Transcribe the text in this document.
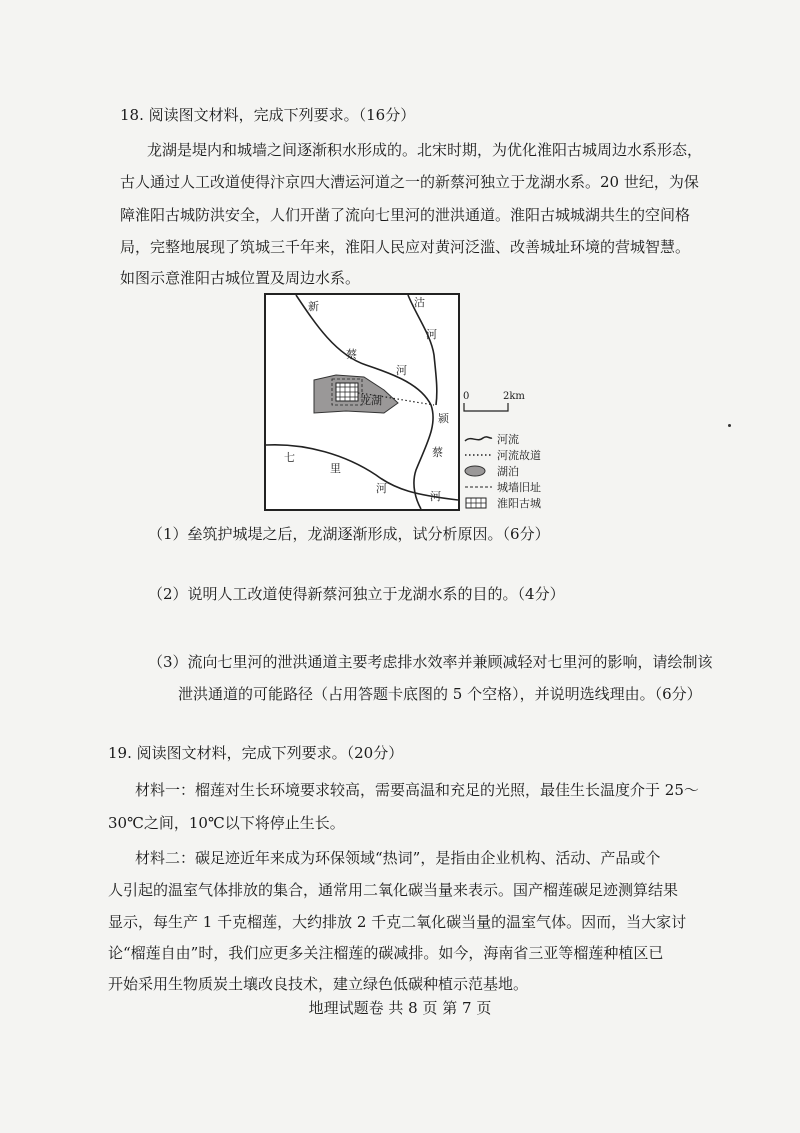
18. 阅读图文材料，完成下列要求。（16分）
龙湖是堤内和城墙之间逐渐积水形成的。北宋时期，为优化淮阳古城周边水系形态，
古人通过人工改道使得汴京四大漕运河道之一的新蔡河独立于龙湖水系。20 世纪，为保
障淮阳古城防洪安全，人们开凿了流向七里河的泄洪通道。淮阳古城城湖共生的空间格
局，完整地展现了筑城三千年来，淮阳人民应对黄河泛滥、改善城址环境的营城智慧。
如图示意淮阳古城位置及周边水系。
新	沽
河
蔡
河
龙湖
颍
蔡
七
里
河
河
0	2km
河流
河流故道
湖泊
城墙旧址
淮阳古城
（1）垒筑护城堤之后，龙湖逐渐形成，试分析原因。（6分）
（2）说明人工改道使得新蔡河独立于龙湖水系的目的。（4分）
（3）流向七里河的泄洪通道主要考虑排水效率并兼顾减轻对七里河的影响，请绘制该
泄洪通道的可能路径（占用答题卡底图的 5 个空格），并说明选线理由。（6分）
19. 阅读图文材料，完成下列要求。（20分）
材料一：榴莲对生长环境要求较高，需要高温和充足的光照，最佳生长温度介于 25～
30℃之间，10℃以下将停止生长。
材料二：碳足迹近年来成为环保领域“热词”，是指由企业机构、活动、产品或个
人引起的温室气体排放的集合，通常用二氧化碳当量来表示。国产榴莲碳足迹测算结果
显示，每生产 1 千克榴莲，大约排放 2 千克二氧化碳当量的温室气体。因而，当大家讨
论“榴莲自由”时，我们应更多关注榴莲的碳减排。如今，海南省三亚等榴莲种植区已
开始采用生物质炭土壤改良技术，建立绿色低碳种植示范基地。
地理试题卷 共 8 页 第 7 页
